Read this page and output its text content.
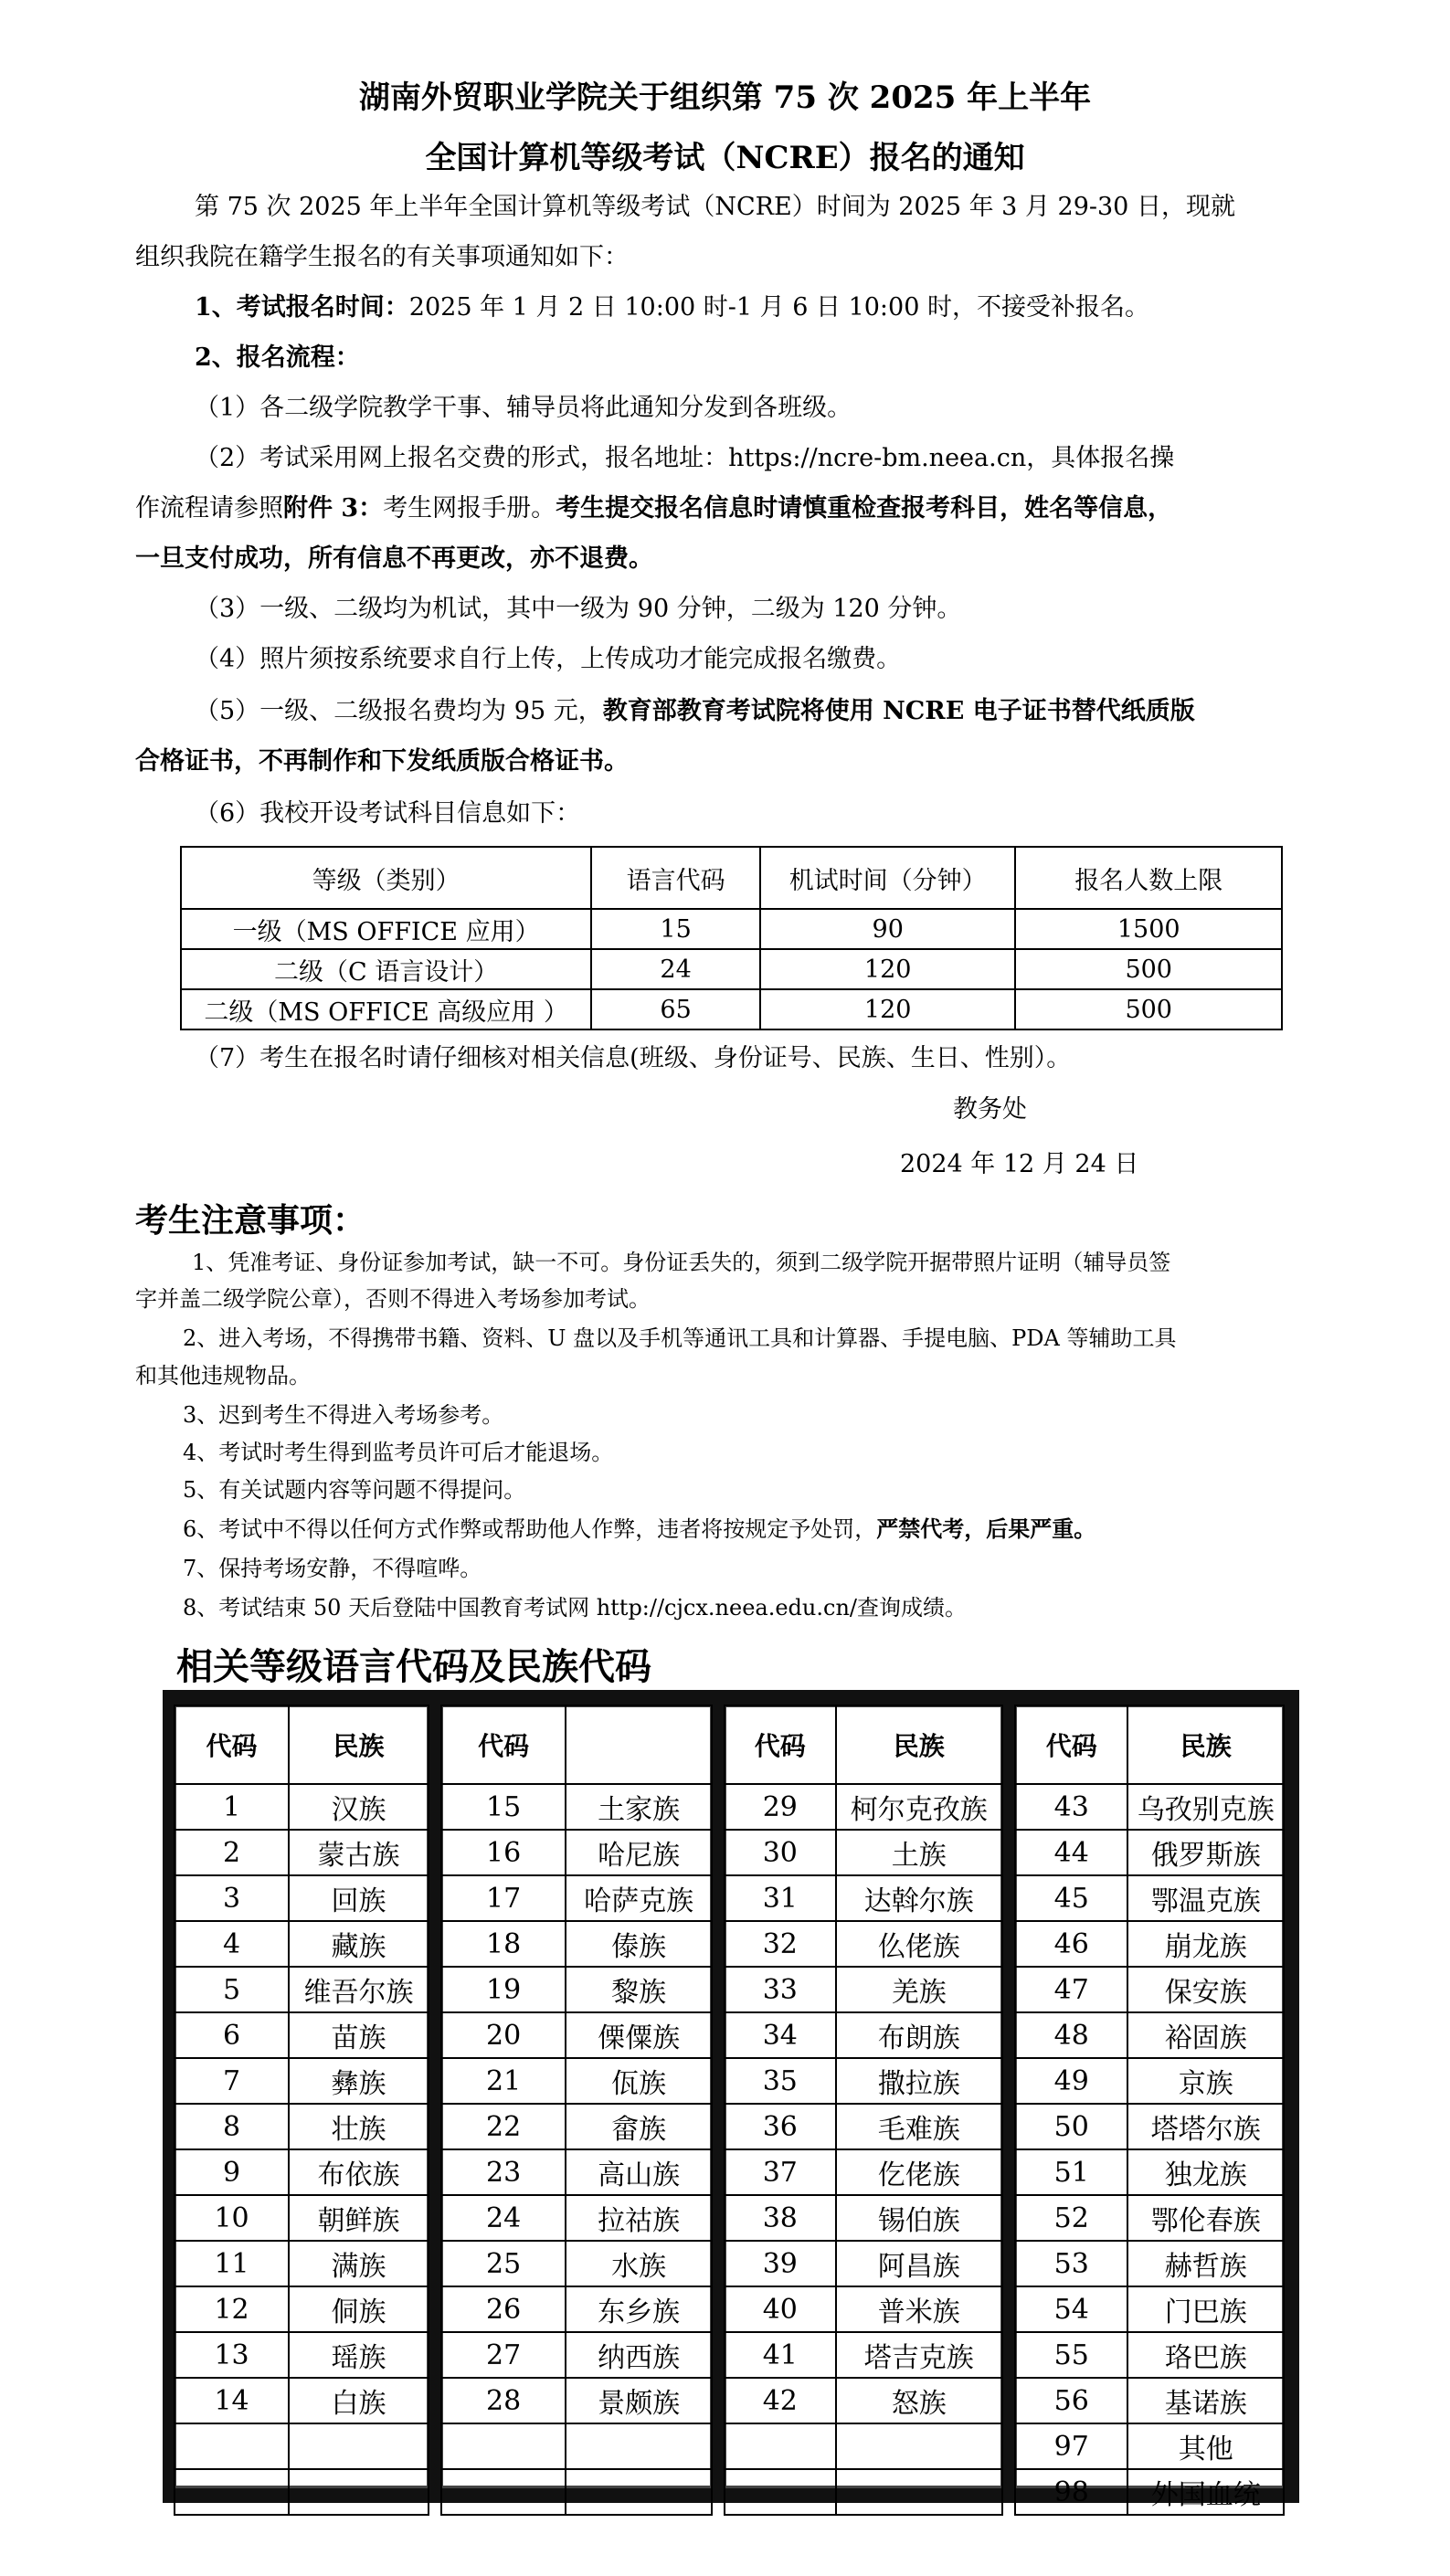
湖南外贸职业学院关于组织第 75 次 2025 年上半年
全国计算机等级考试（NCRE）报名的通知
第 75 次 2025 年上半年全国计算机等级考试（NCRE）时间为 2025 年 3 月 29-30 日，现就
组织我院在籍学生报名的有关事项通知如下：
1、考试报名时间：2025 年 1 月 2 日 10:00 时-1 月 6 日 10:00 时，不接受补报名。
2、报名流程：
（1）各二级学院教学干事、辅导员将此通知分发到各班级。
（2）考试采用网上报名交费的形式，报名地址：https://ncre-bm.neea.cn，具体报名操
作流程请参照附件 3：考生网报手册。考生提交报名信息时请慎重检查报考科目，姓名等信息，
一旦支付成功，所有信息不再更改，亦不退费。
（3）一级、二级均为机试，其中一级为 90 分钟，二级为 120 分钟。
（4）照片须按系统要求自行上传，上传成功才能完成报名缴费。
（5）一级、二级报名费均为 95 元，教育部教育考试院将使用 NCRE 电子证书替代纸质版
合格证书，不再制作和下发纸质版合格证书。
（6）我校开设考试科目信息如下：
等级（类别）	语言代码	机试时间（分钟）	报名人数上限
一级（MS OFFICE 应用）	15	90	1500
二级（C 语言设计）	24	120	500
二级（MS OFFICE 高级应用 ）	65	120	500
（7）考生在报名时请仔细核对相关信息(班级、身份证号、民族、生日、性别）。
教务处
2024 年 12 月 24 日
考生注意事项：
1、凭准考证、身份证参加考试，缺一不可。身份证丢失的，须到二级学院开据带照片证明（辅导员签
字并盖二级学院公章），否则不得进入考场参加考试。
2、进入考场，不得携带书籍、资料、U 盘以及手机等通讯工具和计算器、手提电脑、PDA 等辅助工具
和其他违规物品。
3、迟到考生不得进入考场参考。
4、考试时考生得到监考员许可后才能退场。
5、有关试题内容等问题不得提问。
6、考试中不得以任何方式作弊或帮助他人作弊，违者将按规定予处罚，严禁代考，后果严重。
7、保持考场安静，不得喧哗。
8、考试结束 50 天后登陆中国教育考试网 http://cjcx.neea.edu.cn/查询成绩。
相关等级语言代码及民族代码
代码	民族
1	汉族
2	蒙古族
3	回族
4	藏族
5	维吾尔族
6	苗族
7	彝族
8	壮族
9	布依族
10	朝鲜族
11	满族
12	侗族
13	瑶族
14	白族

代码	
15	土家族
16	哈尼族
17	哈萨克族
18	傣族
19	黎族
20	傈僳族
21	佤族
22	畲族
23	高山族
24	拉祜族
25	水族
26	东乡族
27	纳西族
28	景颇族

代码	民族
29	柯尔克孜族
30	土族
31	达斡尔族
32	仫佬族
33	羌族
34	布朗族
35	撒拉族
36	毛难族
37	仡佬族
38	锡伯族
39	阿昌族
40	普米族
41	塔吉克族
42	怒族

代码	民族
43	乌孜别克族
44	俄罗斯族
45	鄂温克族
46	崩龙族
47	保安族
48	裕固族
49	京族
50	塔塔尔族
51	独龙族
52	鄂伦春族
53	赫哲族
54	门巴族
55	珞巴族
56	基诺族
97	其他
98	外国血统
